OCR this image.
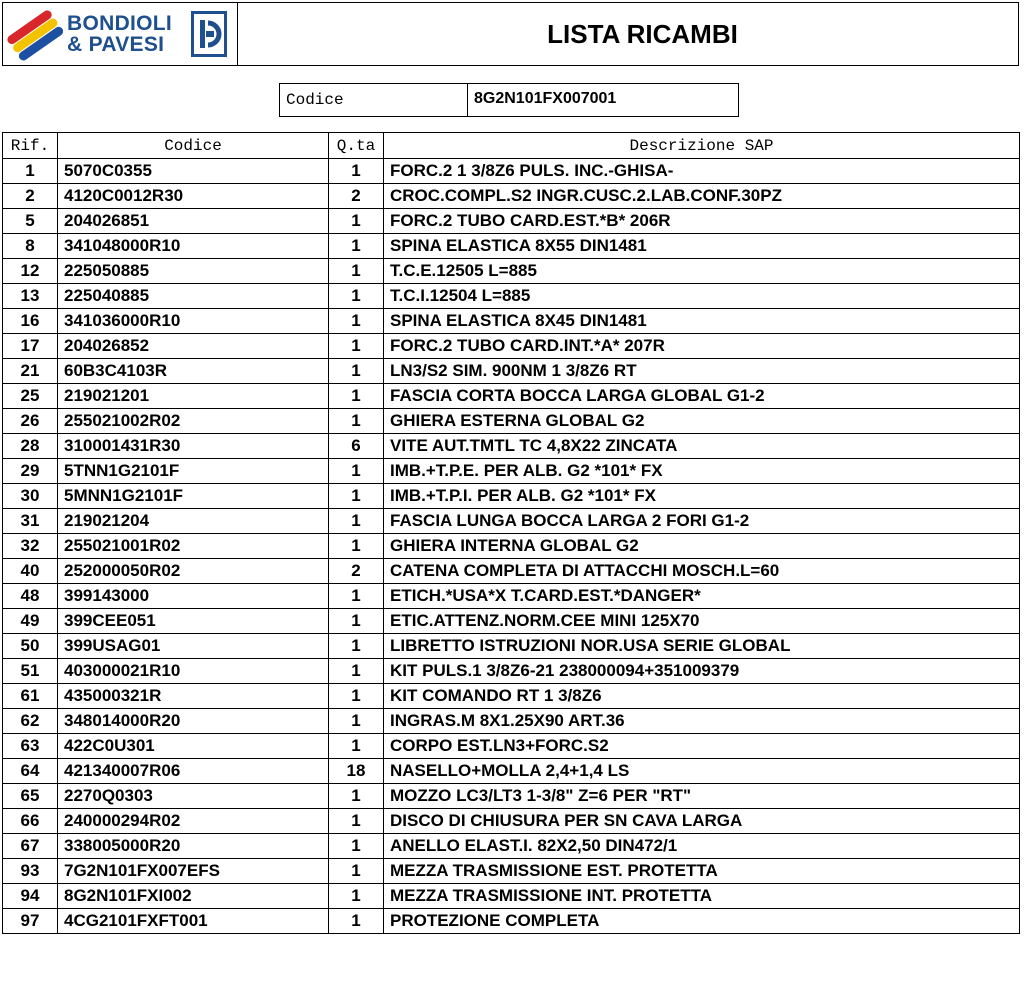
BONDIOLI
& PAVESI	LISTA RICAMBI
Codice	8G2N101FX007001
Rif.	Codice	Q.ta	Descrizione SAP
1	5070C0355	1	FORC.2 1 3/8Z6 PULS. INC.-GHISA-
2	4120C0012R30	2	CROC.COMPL.S2 INGR.CUSC.2.LAB.CONF.30PZ
5	204026851	1	FORC.2 TUBO CARD.EST.*B* 206R
8	341048000R10	1	SPINA ELASTICA 8X55 DIN1481
12	225050885	1	T.C.E.12505 L=885
13	225040885	1	T.C.I.12504 L=885
16	341036000R10	1	SPINA ELASTICA 8X45 DIN1481
17	204026852	1	FORC.2 TUBO CARD.INT.*A* 207R
21	60B3C4103R	1	LN3/S2 SIM. 900NM 1 3/8Z6 RT
25	219021201	1	FASCIA CORTA BOCCA LARGA GLOBAL G1-2
26	255021002R02	1	GHIERA ESTERNA GLOBAL G2
28	310001431R30	6	VITE AUT.TMTL TC 4,8X22 ZINCATA
29	5TNN1G2101F	1	IMB.+T.P.E. PER ALB. G2 *101* FX
30	5MNN1G2101F	1	IMB.+T.P.I. PER ALB. G2 *101* FX
31	219021204	1	FASCIA LUNGA BOCCA LARGA 2 FORI G1-2
32	255021001R02	1	GHIERA INTERNA GLOBAL G2
40	252000050R02	2	CATENA COMPLETA DI ATTACCHI MOSCH.L=60
48	399143000	1	ETICH.*USA*X T.CARD.EST.*DANGER*
49	399CEE051	1	ETIC.ATTENZ.NORM.CEE MINI 125X70
50	399USAG01	1	LIBRETTO ISTRUZIONI NOR.USA SERIE GLOBAL
51	403000021R10	1	KIT PULS.1 3/8Z6-21 238000094+351009379
61	435000321R	1	KIT COMANDO RT 1 3/8Z6
62	348014000R20	1	INGRAS.M 8X1.25X90 ART.36
63	422C0U301	1	CORPO EST.LN3+FORC.S2
64	421340007R06	18	NASELLO+MOLLA 2,4+1,4 LS
65	2270Q0303	1	MOZZO LC3/LT3 1-3/8" Z=6 PER "RT"
66	240000294R02	1	DISCO DI CHIUSURA PER SN CAVA LARGA
67	338005000R20	1	ANELLO ELAST.I. 82X2,50 DIN472/1
93	7G2N101FX007EFS	1	MEZZA TRASMISSIONE EST. PROTETTA
94	8G2N101FXI002	1	MEZZA TRASMISSIONE INT. PROTETTA
97	4CG2101FXFT001	1	PROTEZIONE COMPLETA
